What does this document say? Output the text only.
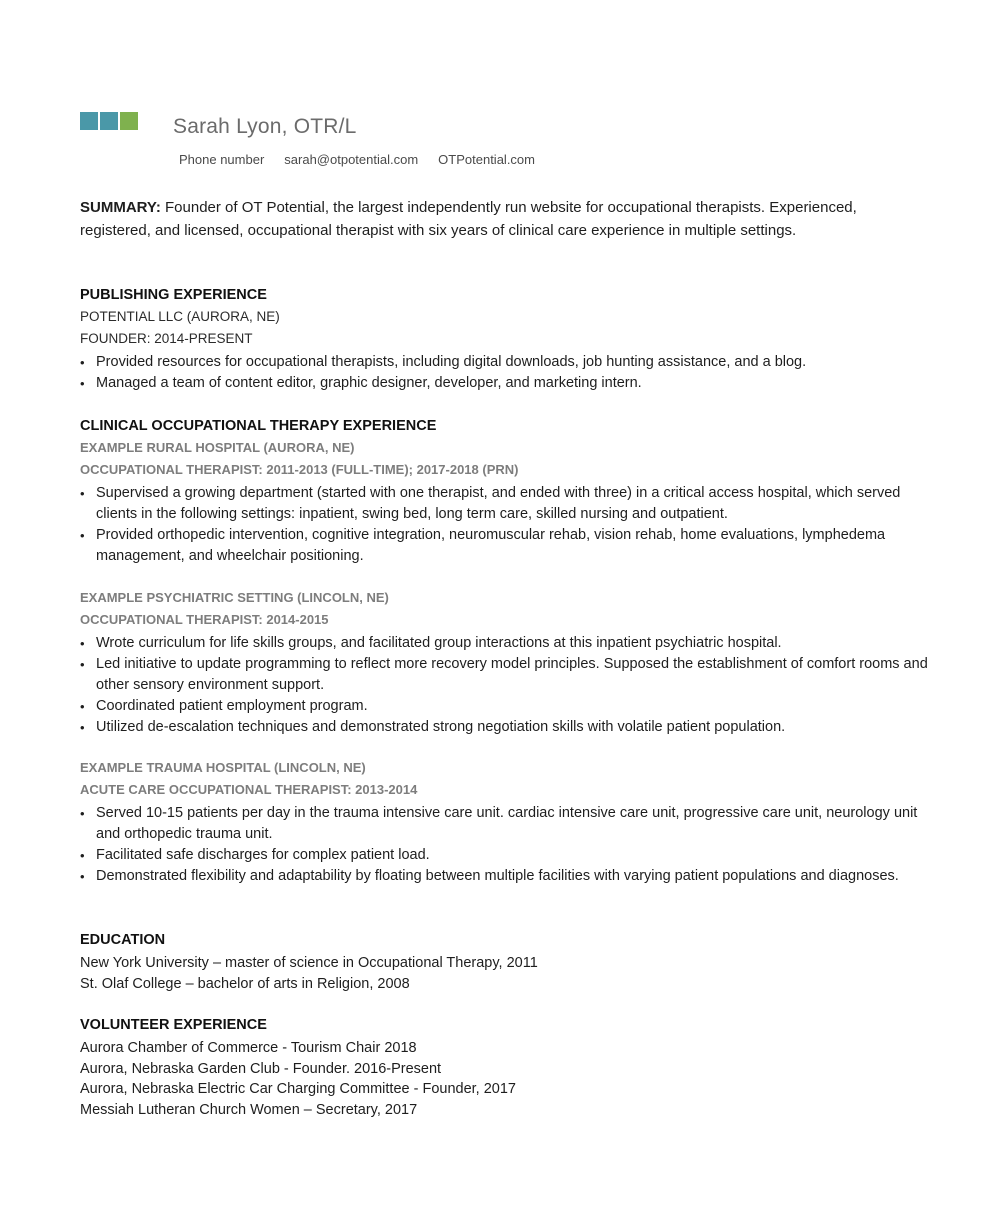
Sarah Lyon, OTR/L
Phone number sarah@otpotential.com OTPotential.com
SUMMARY: Founder of OT Potential, the largest independently run website for occupational therapists. Experienced, registered, and licensed, occupational therapist with six years of clinical care experience in multiple settings.
PUBLISHING EXPERIENCE
POTENTIAL LLC (AURORA, NE)
FOUNDER: 2014-PRESENT
• Provided resources for occupational therapists, including digital downloads, job hunting assistance, and a blog.
• Managed a team of content editor, graphic designer, developer, and marketing intern.
CLINICAL OCCUPATIONAL THERAPY EXPERIENCE
EXAMPLE RURAL HOSPITAL (AURORA, NE)
OCCUPATIONAL THERAPIST: 2011-2013 (FULL-TIME); 2017-2018 (PRN)
• Supervised a growing department (started with one therapist, and ended with three) in a critical access hospital, which served clients in the following settings: inpatient, swing bed, long term care, skilled nursing and outpatient.
• Provided orthopedic intervention, cognitive integration, neuromuscular rehab, vision rehab, home evaluations, lymphedema management, and wheelchair positioning.
EXAMPLE PSYCHIATRIC SETTING (LINCOLN, NE)
OCCUPATIONAL THERAPIST: 2014-2015
• Wrote curriculum for life skills groups, and facilitated group interactions at this inpatient psychiatric hospital.
• Led initiative to update programming to reflect more recovery model principles. Supposed the establishment of comfort rooms and other sensory environment support.
• Coordinated patient employment program.
• Utilized de-escalation techniques and demonstrated strong negotiation skills with volatile patient population.
EXAMPLE TRAUMA HOSPITAL (LINCOLN, NE)
ACUTE CARE OCCUPATIONAL THERAPIST: 2013-2014
• Served 10-15 patients per day in the trauma intensive care unit. cardiac intensive care unit, progressive care unit, neurology unit and orthopedic trauma unit.
• Facilitated safe discharges for complex patient load.
• Demonstrated flexibility and adaptability by floating between multiple facilities with varying patient populations and diagnoses.
EDUCATION
New York University – master of science in Occupational Therapy, 2011
St. Olaf College – bachelor of arts in Religion, 2008
VOLUNTEER EXPERIENCE
Aurora Chamber of Commerce - Tourism Chair 2018
Aurora, Nebraska Garden Club - Founder. 2016-Present
Aurora, Nebraska Electric Car Charging Committee - Founder, 2017
Messiah Lutheran Church Women – Secretary, 2017
